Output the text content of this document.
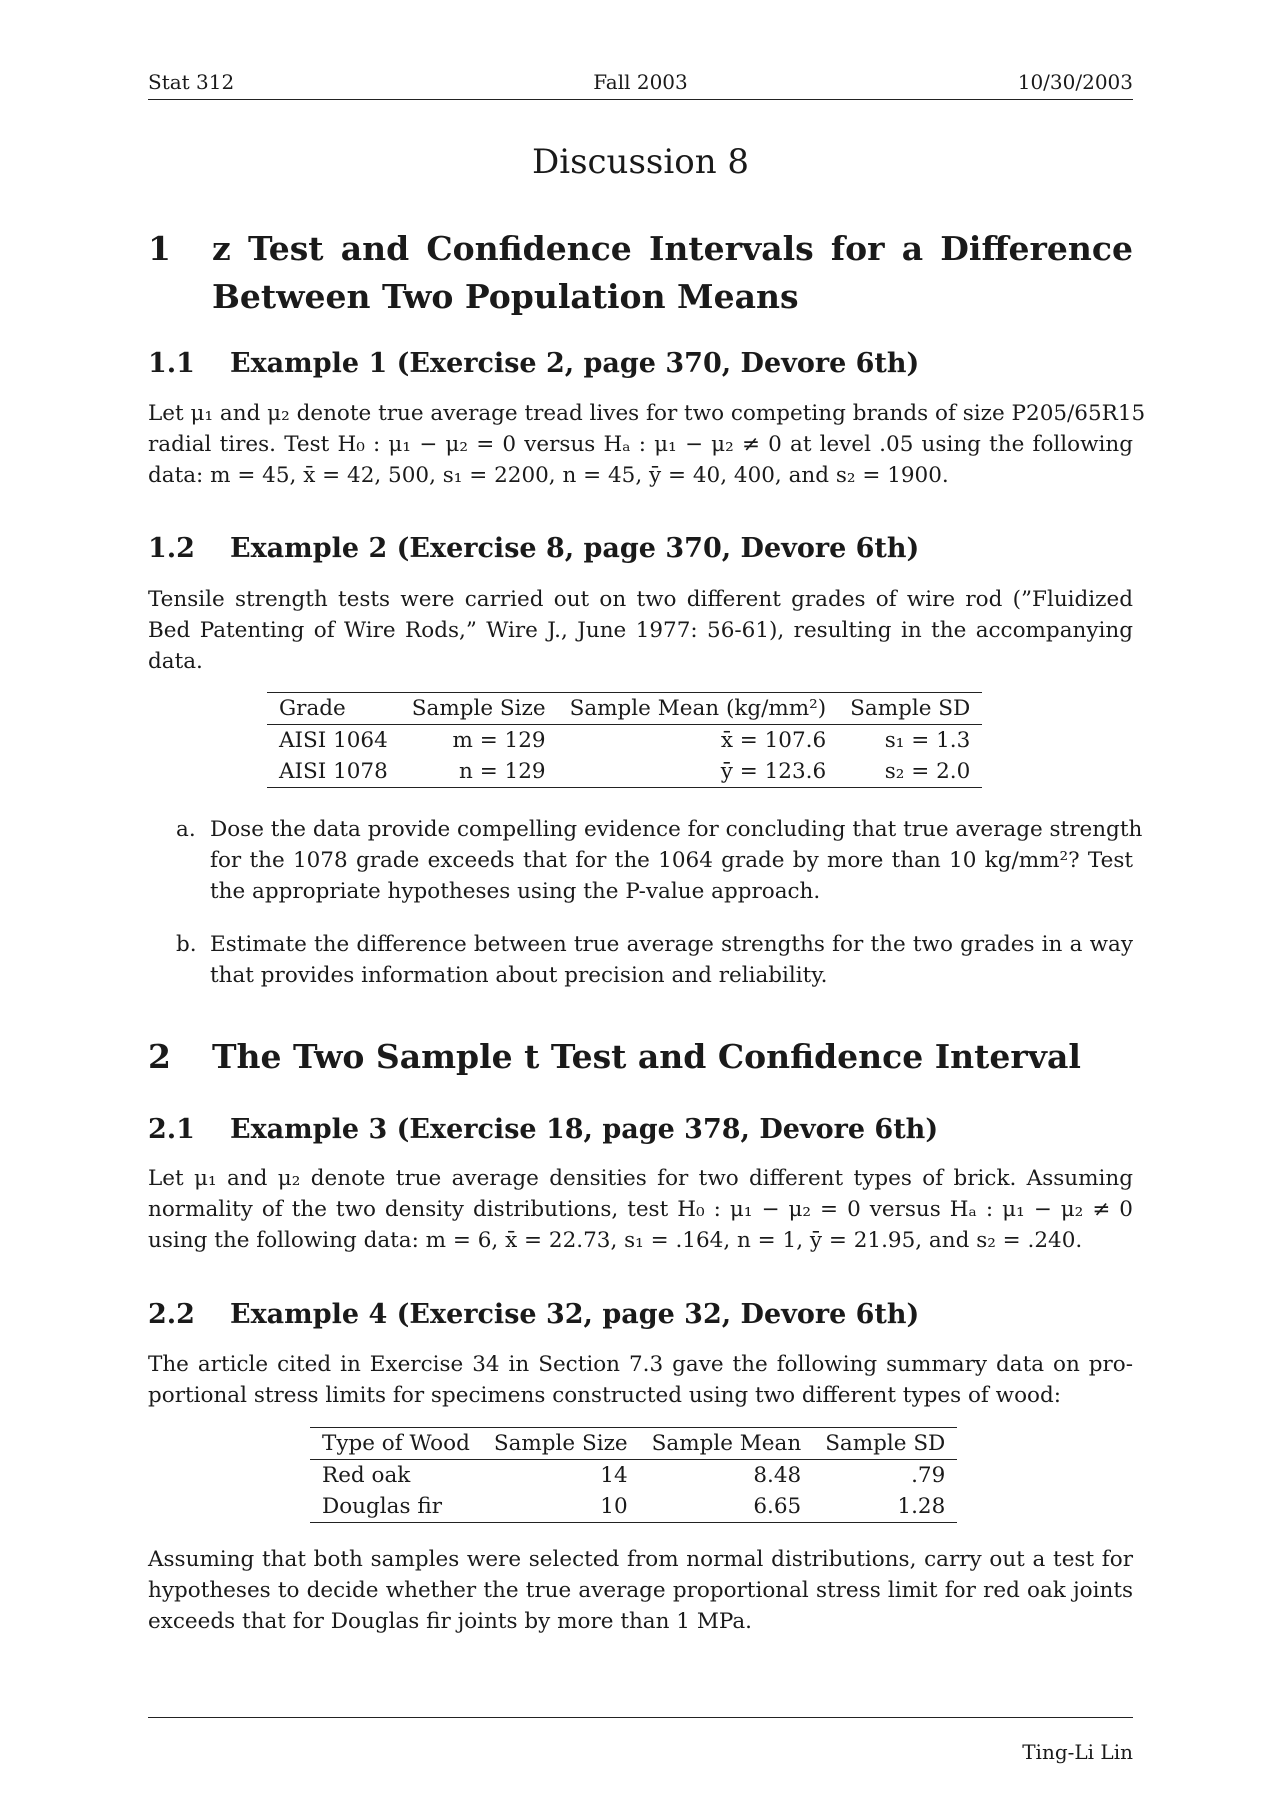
Stat 312	Fall 2003	10/30/2003
Discussion 8
1 z Test and Confidence Intervals for a Difference
Between Two Population Means
1.1 Example 1 (Exercise 2, page 370, Devore 6th)
Let μ₁ and μ₂ denote true average tread lives for two competing brands of size P205/65R15
radial tires. Test H₀ : μ₁ − μ₂ = 0 versus Hₐ : μ₁ − μ₂ ≠ 0 at level .05 using the following
data: m = 45, x̄ = 42, 500, s₁ = 2200, n = 45, ȳ = 40, 400, and s₂ = 1900.
1.2 Example 2 (Exercise 8, page 370, Devore 6th)
Tensile strength tests were carried out on two different grades of wire rod (”Fluidized
Bed Patenting of Wire Rods,” Wire J., June 1977: 56-61), resulting in the accompanying
data.
Grade	Sample Size	Sample Mean (kg/mm²)	Sample SD
AISI 1064	m = 129	x̄ = 107.6	s₁ = 1.3
AISI 1078	n = 129	ȳ = 123.6	s₂ = 2.0
a. Dose the data provide compelling evidence for concluding that true average strength
for the 1078 grade exceeds that for the 1064 grade by more than 10 kg/mm²? Test
the appropriate hypotheses using the P-value approach.
b. Estimate the difference between true average strengths for the two grades in a way
that provides information about precision and reliability.
2 The Two Sample t Test and Confidence Interval
2.1 Example 3 (Exercise 18, page 378, Devore 6th)
Let μ₁ and μ₂ denote true average densities for two different types of brick. Assuming
normality of the two density distributions, test H₀ : μ₁ − μ₂ = 0 versus Hₐ : μ₁ − μ₂ ≠ 0
using the following data: m = 6, x̄ = 22.73, s₁ = .164, n = 1, ȳ = 21.95, and s₂ = .240.
2.2 Example 4 (Exercise 32, page 32, Devore 6th)
The article cited in Exercise 34 in Section 7.3 gave the following summary data on pro-
portional stress limits for specimens constructed using two different types of wood:
Type of Wood	Sample Size	Sample Mean	Sample SD
Red oak	14	8.48	.79
Douglas fir	10	6.65	1.28
Assuming that both samples were selected from normal distributions, carry out a test for
hypotheses to decide whether the true average proportional stress limit for red oak joints
exceeds that for Douglas fir joints by more than 1 MPa.
Ting-Li Lin
